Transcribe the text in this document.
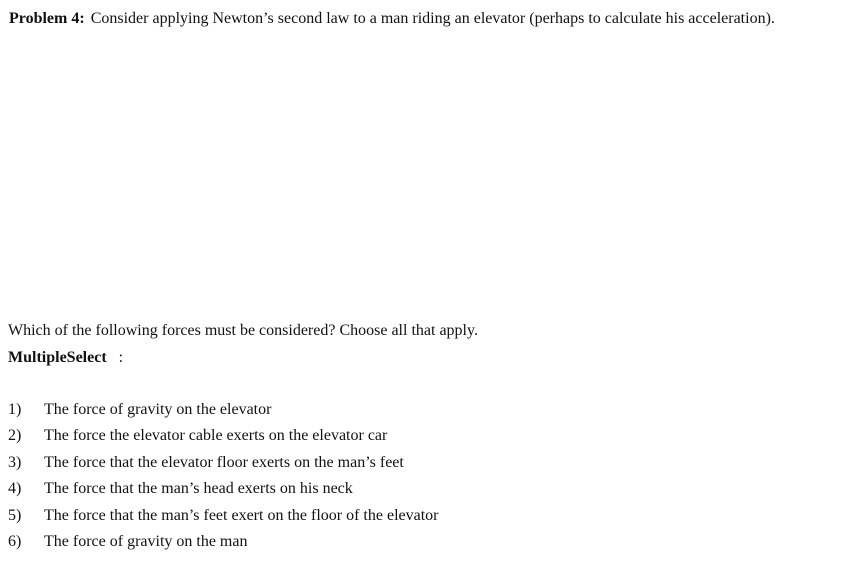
Problem 4: Consider applying Newton’s second law to a man riding an elevator (perhaps to calculate his acceleration).
Which of the following forces must be considered? Choose all that apply.
MultipleSelect :
1)	The force of gravity on the elevator
2)	The force the elevator cable exerts on the elevator car
3)	The force that the elevator floor exerts on the man’s feet
4)	The force that the man’s head exerts on his neck
5)	The force that the man’s feet exert on the floor of the elevator
6)	The force of gravity on the man
